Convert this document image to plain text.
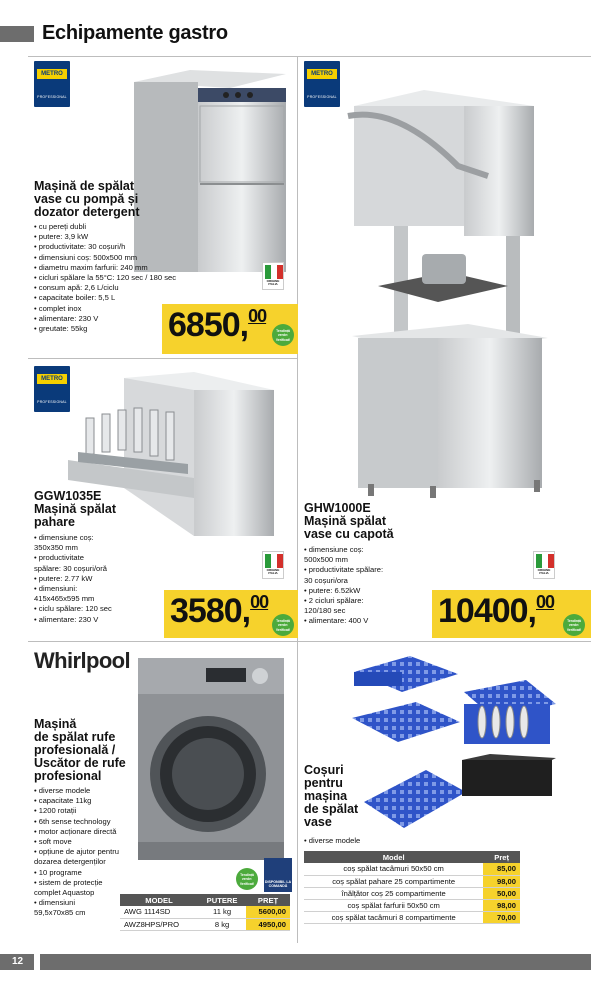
Echipamente gastro
METRO
PROFESSIONAL
Mașină de spălat
vase cu pompă și
dozator detergent
• cu pereți dubli
• putere: 3,9 kW
• productivitate: 30 coșuri/h
• dimensiuni coș: 500x500 mm
• diametru maxim farfurii: 240 mm
• cicluri spălare la 55°C: 120 sec / 180 sec
• consum apă: 2,6 L/ciclu
• capacitate boiler: 5,5 L
• complet inox
• alimentare: 230 V
• greutate: 55kg
ORIGINE ITALIA
6850,00
Tendință verde: Verificat!
METRO
PROFESSIONAL
GGW1035E
Mașină spălat
pahare
• dimensiune coș:
350x350 mm
• productivitate
spălare: 30 coșuri/oră
• putere: 2.77 kW
• dimensiuni:
415x465x595 mm
• ciclu spălare: 120 sec
• alimentare: 230 V
ORIGINE ITALIA
3580,00
Tendință verde: Verificat!
METRO
PROFESSIONAL
GHW1000E
Mașină spălat
vase cu capotă
• dimensiune coș:
500x500 mm
• productivitate spălare:
30 coșuri/ora
• putere: 6.52kW
• 2 cicluri spălare:
120/180 sec
• alimentare: 400 V
ORIGINE ITALIA
10400,00
Tendință verde: Verificat!
Whirlpool
Mașină
de spălat rufe
profesională /
Uscător de rufe
profesional
• diverse modele
• capacitate 11kg
• 1200 rotații
• 6th sense technology
• motor acționare directă
• soft move
• opțiune de ajutor pentru
dozarea detergenților
• 10 programe
• sistem de protecție
complet Aquastop
• dimensiuni
59,5x70x85 cm
Tendință verde: Verificat!	DISPONIBIL LA COMANDĂ
MODEL	PUTERE	PREȚ
AWG 1114SD	11 kg	5600,00
AWZ8HPS/PRO	8 kg	4950,00
Coșuri
pentru
mașina
de spălat
vase
• diverse modele
Model	Preț
coș spălat tacâmuri 50x50 cm	85,00
coș spălat pahare 25 compartimente	98,00
înălțător coș 25 compartimente	50,00
coș spălat farfurii 50x50 cm	98,00
coș spălat tacâmuri 8 compartimente	70,00
12
